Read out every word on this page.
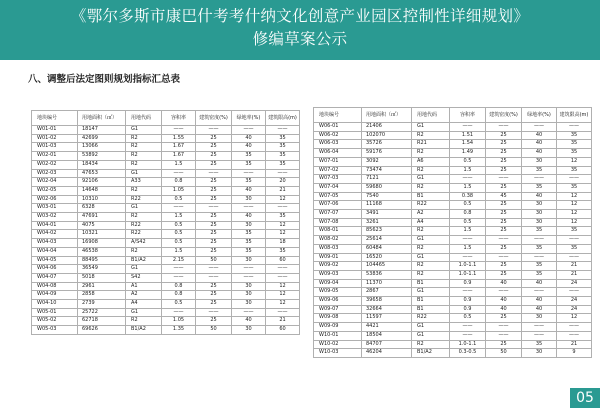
《鄂尔多斯市康巴什考考什纳文化创意产业园区控制性详细规划》
修编草案公示
八、调整后法定图则规划指标汇总表
地块编号	用地面积（㎡）	用地代码	容积率	建筑密度(%)	绿地率(%)	建筑限高(m)
W01-01	18147	G1	——	——	——	——
W01-02	42699	R2	1.55	25	40	35
W01-03	13066	R2	1.67	25	40	35
W02-01	53892	R2	1.67	25	35	35
W02-02	18434	R2	1.5	25	35	35
W02-03	47653	G1	——	——	——	——
W02-04	92106	A33	0.8	25	35	20
W02-05	14648	R2	1.05	25	40	21
W02-06	10310	R22	0.5	25	30	12
W03-01	6328	G1	——	——	——	——
W03-02	47691	R2	1.5	25	40	35
W04-01	4075	R22	0.5	25	30	12
W04-02	10321	R22	0.5	25	35	12
W04-03	16908	A/S42	0.5	25	35	18
W04-04	46538	R2	1.5	25	35	35
W04-05	88495	B1/A2	2.15	50	30	60
W04-06	36549	G1	——	——	——	——
W04-07	5018	S42	——	——	——	——
W04-08	2961	A1	0.8	25	30	12
W04-09	2858	A2	0.8	25	30	12
W04-10	2739	A4	0.5	25	30	12
W05-01	25722	G1	——	——	——	——
W05-02	62718	R2	1.05	25	40	21
W05-03	69626	B1/A2	1.35	50	30	60
地块编号	用地面积（㎡）	用地代码	容积率	建筑密度(%)	绿地率(%)	建筑限高(m)
W06-01	21406	G1	——	——	——	——
W06-02	102070	R2	1.51	25	40	35
W06-03	35726	R21	1.54	25	40	35
W06-04	59176	R2	1.49	25	40	35
W07-01	3092	A6	0.5	25	30	12
W07-02	73474	R2	1.5	25	35	35
W07-03	7121	G1	——	——	——	——
W07-04	59680	R2	1.5	25	35	35
W07-05	7540	B1	0.38	45	40	12
W07-06	11168	R22	0.5	25	30	12
W07-07	3491	A2	0.8	25	30	12
W07-08	3261	A4	0.5	25	30	12
W08-01	85623	R2	1.5	25	35	35
W08-02	25614	G1	——	——	——	——
W08-03	60484	R2	1.5	25	35	35
W09-01	16520	G1	——	——	——	——
W09-02	104465	R2	1.0-1.1	25	35	21
W09-03	53836	R2	1.0-1.1	25	35	21
W09-04	11370	B1	0.9	40	40	24
W09-05	2867	G1	——	——	——	——
W09-06	39658	B1	0.9	40	40	24
W09-07	32664	B1	0.9	40	40	24
W09-08	11597	R22	0.5	25	30	12
W09-09	4421	G1	——	——	——	——
W10-01	18504	G1	——	——	——	——
W10-02	84707	R2	1.0-1.1	25	35	21
W10-03	46204	B1/A2	0.3-0.5	50	30	9
05
